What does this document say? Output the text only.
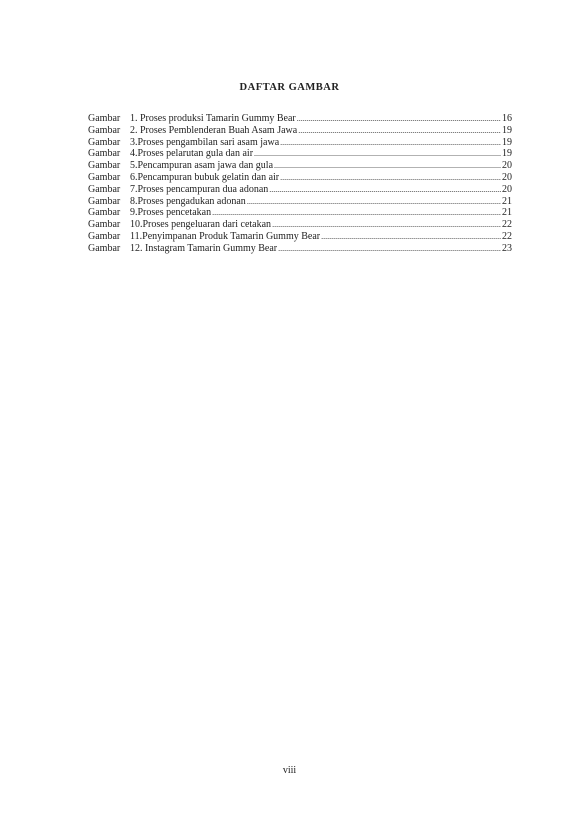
DAFTAR GAMBAR
Gambar 1. Proses produksi Tamarin Gummy Bear .....	16
Gambar 2. Proses Pemblenderan Buah Asam Jawa .....	19
Gambar 3.Proses pengambilan sari asam jawa .....	19
Gambar 4.Proses pelarutan gula dan air .....	19
Gambar 5.Pencampuran asam jawa dan gula .....	20
Gambar 6.Pencampuran bubuk gelatin dan air .....	20
Gambar 7.Proses pencampuran dua adonan .....	20
Gambar 8.Proses pengadukan adonan .....	21
Gambar 9.Proses pencetakan .....	21
Gambar 10.Proses pengeluaran dari cetakan .....	22
Gambar 11.Penyimpanan Produk Tamarin Gummy Bear .....	22
Gambar 12. Instagram Tamarin Gummy Bear .....	23
viii
